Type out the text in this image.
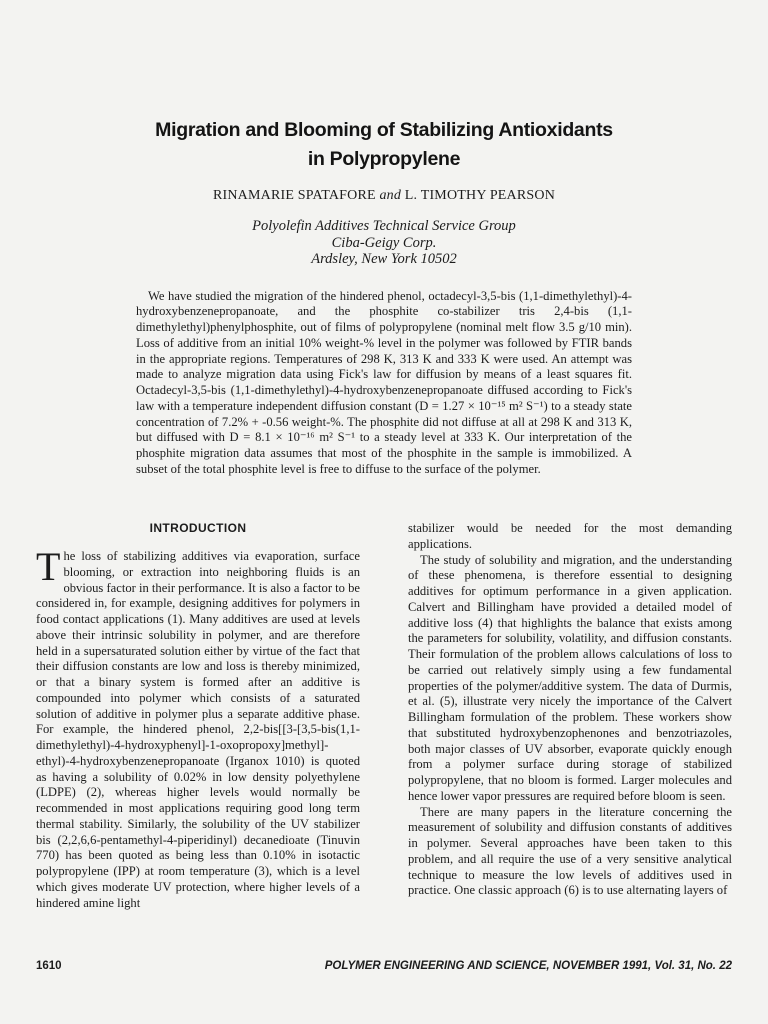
Migration and Blooming of Stabilizing Antioxidants
in Polypropylene
RINAMARIE SPATAFORE and L. TIMOTHY PEARSON
Polyolefin Additives Technical Service Group
Ciba-Geigy Corp.
Ardsley, New York 10502

We have studied the migration of the hindered phenol, octadecyl-3,5-bis (1,1-dimethylethyl)-4-hydroxybenzenepropanoate, and the phosphite co-stabilizer tris 2,4-bis (1,1-dimethylethyl)phenylphosphite, out of films of polypropylene (nominal melt flow 3.5 g/10 min). Loss of additive from an initial 10% weight-% level in the polymer was followed by FTIR bands in the appropriate regions. Temperatures of 298 K, 313 K and 333 K were used. An attempt was made to analyze migration data using Fick's law for diffusion by means of a least squares fit. Octadecyl-3,5-bis (1,1-dimethylethyl)-4-hydroxybenzenepropanoate diffused according to Fick's law with a temperature independent diffusion constant (D = 1.27 × 10⁻¹⁵ m² S⁻¹) to a steady state concentration of 7.2% + -0.56 weight-%. The phosphite did not diffuse at all at 298 K and 313 K, but diffused with D = 8.1 × 10⁻¹⁶ m² S⁻¹ to a steady level at 333 K. Our interpretation of the phosphite migration data assumes that most of the phosphite in the sample is immobilized. A subset of the total phosphite level is free to diffuse to the surface of the polymer.

INTRODUCTION

T he loss of stabilizing additives via evaporation, surface blooming, or extraction into neighboring fluids is an obvious factor in their performance. It is also a factor to be considered in, for example, designing additives for polymers in food contact applications (1). Many additives are used at levels above their intrinsic solubility in polymer, and are therefore held in a supersaturated solution either by virtue of the fact that their diffusion constants are low and loss is thereby minimized, or that a binary system is formed after an additive is compounded into polymer which consists of a saturated solution of additive in polymer plus a separate additive phase. For example, the hindered phenol, 2,2-bis[[3-[3,5-bis(1,1-dimethylethyl)-4-hydroxyphenyl]-1-oxopropoxy]methyl]-ethyl)-4-hydroxybenzenepropanoate (Irganox 1010) is quoted as having a solubility of 0.02% in low density polyethylene (LDPE) (2), whereas higher levels would normally be recommended in most applications requiring good long term thermal stability. Similarly, the solubility of the UV stabilizer bis (2,2,6,6-pentamethyl-4-piperidinyl) decanedioate (Tinuvin 770) has been quoted as being less than 0.10% in isotactic polypropylene (IPP) at room temperature (3), which is a level which gives moderate UV protection, where higher levels of a hindered amine light

stabilizer would be needed for the most demanding applications.

The study of solubility and migration, and the understanding of these phenomena, is therefore essential to designing additives for optimum performance in a given application. Calvert and Billingham have provided a detailed model of additive loss (4) that highlights the balance that exists among the parameters for solubility, volatility, and diffusion constants. Their formulation of the problem allows calculations of loss to be carried out relatively simply using a few fundamental properties of the polymer/additive system. The data of Durmis, et al. (5), illustrate very nicely the importance of the Calvert Billingham formulation of the problem. These workers show that substituted hydroxybenzophenones and benzotriazoles, both major classes of UV absorber, evaporate quickly enough from a polymer surface during storage of stabilized polypropylene, that no bloom is formed. Larger molecules and hence lower vapor pressures are required before bloom is seen.

There are many papers in the literature concerning the measurement of solubility and diffusion constants of additives in polymer. Several approaches have been taken to this problem, and all require the use of a very sensitive analytical technique to measure the low levels of additives used in practice. One classic approach (6) is to use alternating layers of

1610	POLYMER ENGINEERING AND SCIENCE, NOVEMBER 1991, Vol. 31, No. 22
